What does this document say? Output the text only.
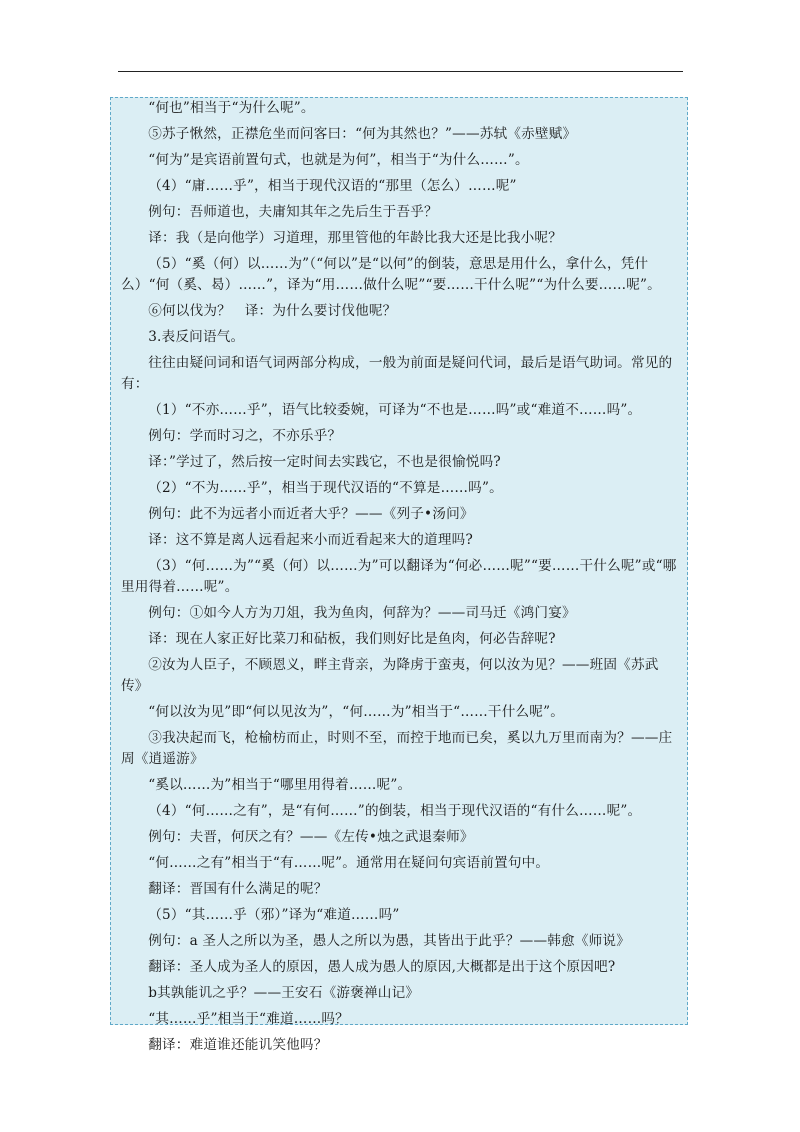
“何也”相当于“为什么呢”。

⑤苏子愀然，正襟危坐而问客曰：“何为其然也？”——苏轼《赤壁赋》

“何为”是宾语前置句式，也就是为何”，相当于“为什么……”。

（4）“庸……乎”，相当于现代汉语的“那里（怎么）……呢”

例句：吾师道也，夫庸知其年之先后生于吾乎？

译：我（是向他学）习道理，那里管他的年龄比我大还是比我小呢？

（5）“奚（何）以……为”（“何以”是“以何”的倒装，意思是用什么，拿什么，凭什么）“何（奚、曷）……”，译为“用……做什么呢”“要……干什么呢”“为什么要……呢”。

⑥何以伐为？　译：为什么要讨伐他呢？

3.表反问语气。

往往由疑问词和语气词两部分构成，一般为前面是疑问代词，最后是语气助词。常见的有：

（1）“不亦……乎”，语气比较委婉，可译为“不也是……吗”或“难道不……吗”。

例句：学而时习之，不亦乐乎？

译：”学过了，然后按一定时间去实践它，不也是很愉悦吗?

（2）“不为……乎”，相当于现代汉语的“不算是……吗”。

例句：此不为远者小而近者大乎？——《列子•汤问》

译：这不算是离人远看起来小而近看起来大的道理吗?

（3）“何……为”“奚（何）以……为”可以翻译为“何必……呢”“要……干什么呢”或“哪里用得着……呢”。

例句：①如今人方为刀俎，我为鱼肉，何辞为？——司马迁《鸿门宴》

译：现在人家正好比菜刀和砧板，我们则好比是鱼肉，何必告辞呢?

②汝为人臣子，不顾恩义，畔主背亲，为降虏于蛮夷，何以汝为见？——班固《苏武传》

“何以汝为见”即“何以见汝为”，“何……为”相当于“……干什么呢”。

③我决起而飞，枪榆枋而止，时则不至，而控于地而已矣，奚以九万里而南为？——庄周《逍遥游》

“奚以……为”相当于“哪里用得着……呢”。

（4）“何……之有”，是“有何……”的倒装，相当于现代汉语的“有什么……呢”。

例句：夫晋，何厌之有？——《左传•烛之武退秦师》

“何……之有”相当于“有……呢”。通常用在疑问句宾语前置句中。

翻译：晋国有什么满足的呢？

（5）“其……乎（邪）”译为“难道……吗”

例句：a 圣人之所以为圣，愚人之所以为愚，其皆出于此乎？——韩愈《师说》

翻译：圣人成为圣人的原因，愚人成为愚人的原因,大概都是出于这个原因吧?

b其孰能讥之乎？——王安石《游褒禅山记》

“其……乎”相当于“难道……吗？

翻译：难道谁还能讥笑他吗？
